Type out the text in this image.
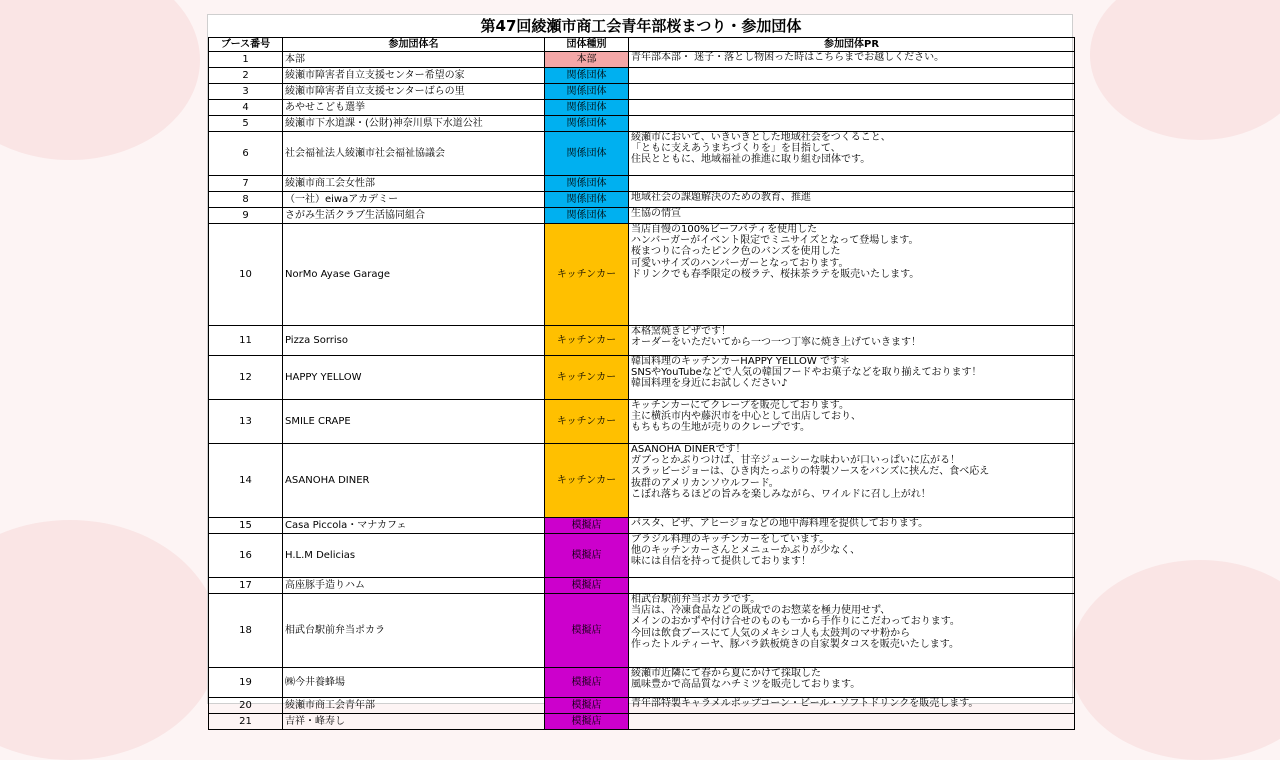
第47回綾瀬市商工会青年部桜まつり・参加団体
ブース番号	参加団体名	団体種別	参加団体PR
1	本部	本部	青年部本部・ 迷子・落とし物困った時はこちらまでお越しください。

2	綾瀬市障害者自立支援センター希望の家	関係団体	
3	綾瀬市障害者自立支援センターばらの里	関係団体	
4	あやせこども選挙	関係団体	
5	綾瀬市下水道課・(公財)神奈川県下水道公社	関係団体	
6	社会福祉法人綾瀬市社会福祉協議会	関係団体	綾瀬市において、いきいきとした地域社会をつくること、
「ともに支えあうまちづくりを」を目指して、
住民とともに、地域福祉の推進に取り組む団体です。

7	綾瀬市商工会女性部	関係団体	
8	（一社）eiwaアカデミー	関係団体	地域社会の課題解決のための教育、推進

9	さがみ生活クラブ生活協同組合	関係団体	生協の情宣

10	NorMo Ayase Garage	キッチンカー	当店自慢の100%ビーフパティを使用した
ハンバーガーがイベント限定でミニサイズとなって登場します。
桜まつりに合ったピンク色のバンズを使用した
可愛いサイズのハンバーガーとなっております。
ドリンクでも春季限定の桜ラテ、桜抹茶ラテを販売いたします。

11	Pizza Sorriso	キッチンカー	本格窯焼きピザです！
オーダーをいただいてから一つ一つ丁寧に焼き上げていきます！

12	HAPPY YELLOW	キッチンカー	韓国料理のキッチンカーHAPPY YELLOW です＊
SNSやYouTubeなどで人気の韓国フードやお菓子などを取り揃えております！
韓国料理を身近にお試しください♪

13	SMILE CRAPE	キッチンカー	キッチンカーにてクレープを販売しております。
主に横浜市内や藤沢市を中心として出店しており、
もちもちの生地が売りのクレープです。

14	ASANOHA DINER	キッチンカー	ASANOHA DINERです！
ガブっとかぶりつけば、甘辛ジューシーな味わいが口いっぱいに広がる！
スラッピージョーは、ひき肉たっぷりの特製ソースをバンズに挟んだ、食べ応え
抜群のアメリカンソウルフード。
こぼれ落ちるほどの旨みを楽しみながら、ワイルドに召し上がれ！

15	Casa Piccola・マナカフェ	模擬店	パスタ、ピザ、アヒージョなどの地中海料理を提供しております。

16	H.L.M Delicias	模擬店	ブラジル料理のキッチンカーをしています。
他のキッチンカーさんとメニューかぶりが少なく、
味には自信を持って提供しております！

17	高座豚手造りハム	模擬店	
18	相武台駅前弁当ポカラ	模擬店	相武台駅前弁当ポカラです。
当店は、冷凍食品などの既成でのお惣菜を極力使用せず、
メインのおかずや付け合せのものも一から手作りにこだわっております。
今回は飲食ブースにて人気のメキシコ人も太鼓判のマサ粉から
作ったトルティーヤ、豚バラ鉄板焼きの自家製タコスを販売いたします。

19	㈱今井養蜂場	模擬店	綾瀬市近隣にて春から夏にかけて採取した
風味豊かで高品質なハチミツを販売しております。

20	綾瀬市商工会青年部	模擬店	青年部特製キャラメルポップコーン・ビール・ソフトドリンクを販売します。

21	吉祥・峰寿し	模擬店	
